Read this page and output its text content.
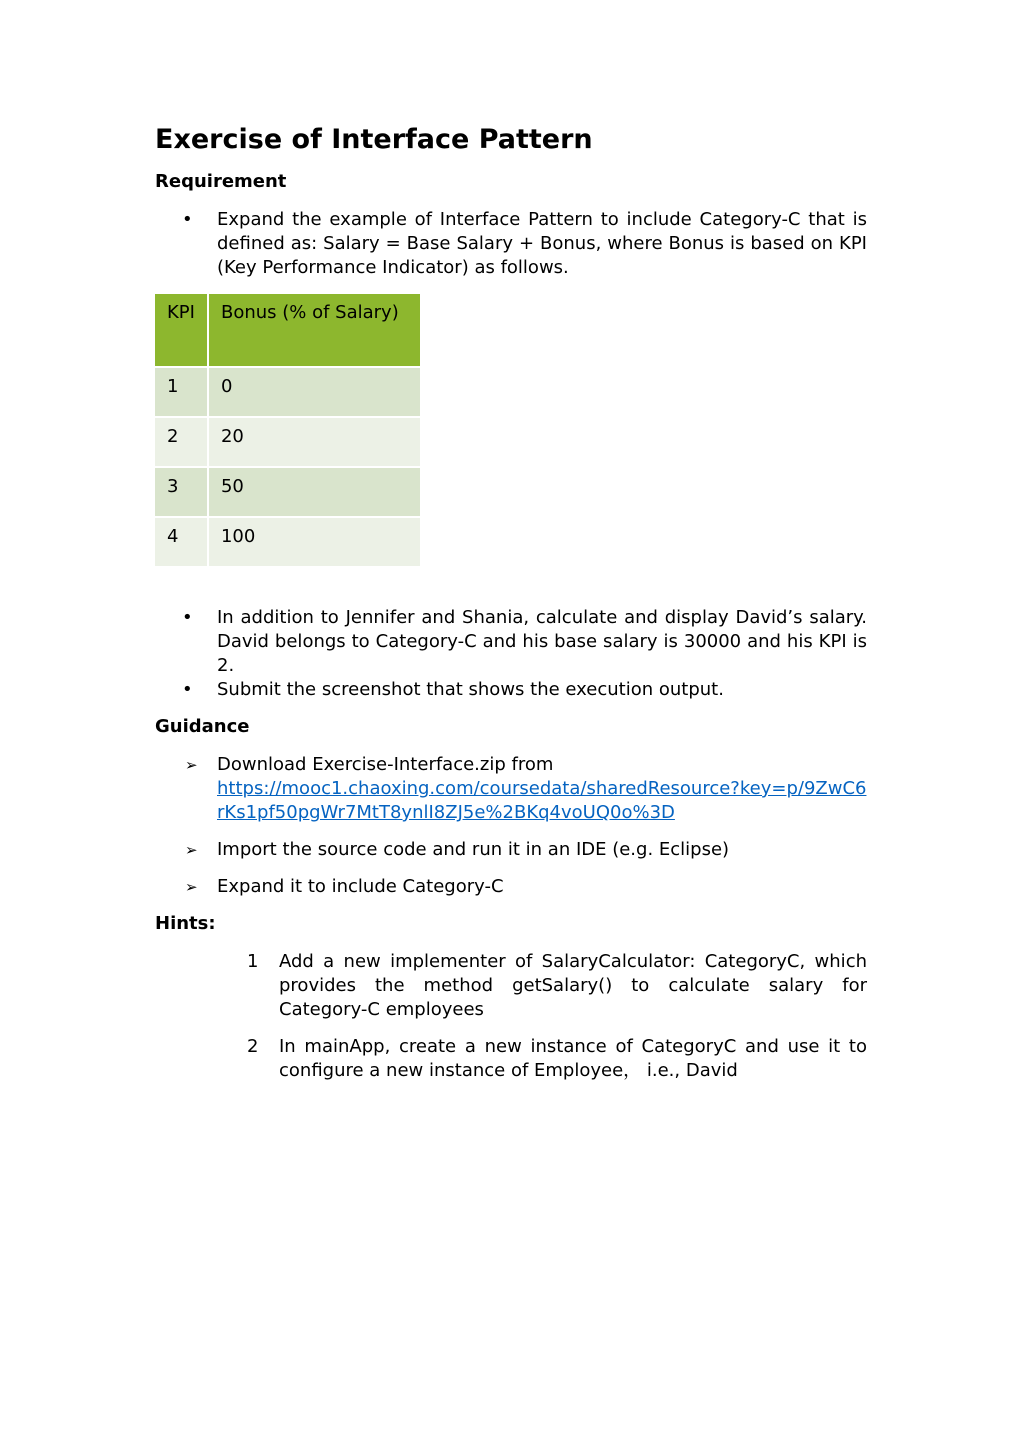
Exercise of Interface Pattern
Requirement
• Expand the example of Interface Pattern to include Category-C that is defined as: Salary = Base Salary + Bonus, where Bonus is based on KPI (Key Performance Indicator) as follows.
KPI	Bonus (% of Salary)
1	0
2	20
3	50
4	100
• In addition to Jennifer and Shania, calculate and display David’s salary. David belongs to Category-C and his base salary is 30000 and his KPI is 2.
• Submit the screenshot that shows the execution output.
Guidance
➢ Download Exercise-Interface.zip from
https://mooc1.chaoxing.com/coursedata/sharedResource?key=p/9ZwC6rKs1pf50pgWr7MtT8ynlI8ZJ5e%2BKq4voUQ0o%3D
➢ Import the source code and run it in an IDE (e.g. Eclipse)
➢ Expand it to include Category-C
Hints:
1 Add a new implementer of SalaryCalculator: CategoryC, which provides the method getSalary() to calculate salary for Category-C employees
2 In mainApp, create a new instance of CategoryC and use it to configure a new instance of Employee， i.e., David
